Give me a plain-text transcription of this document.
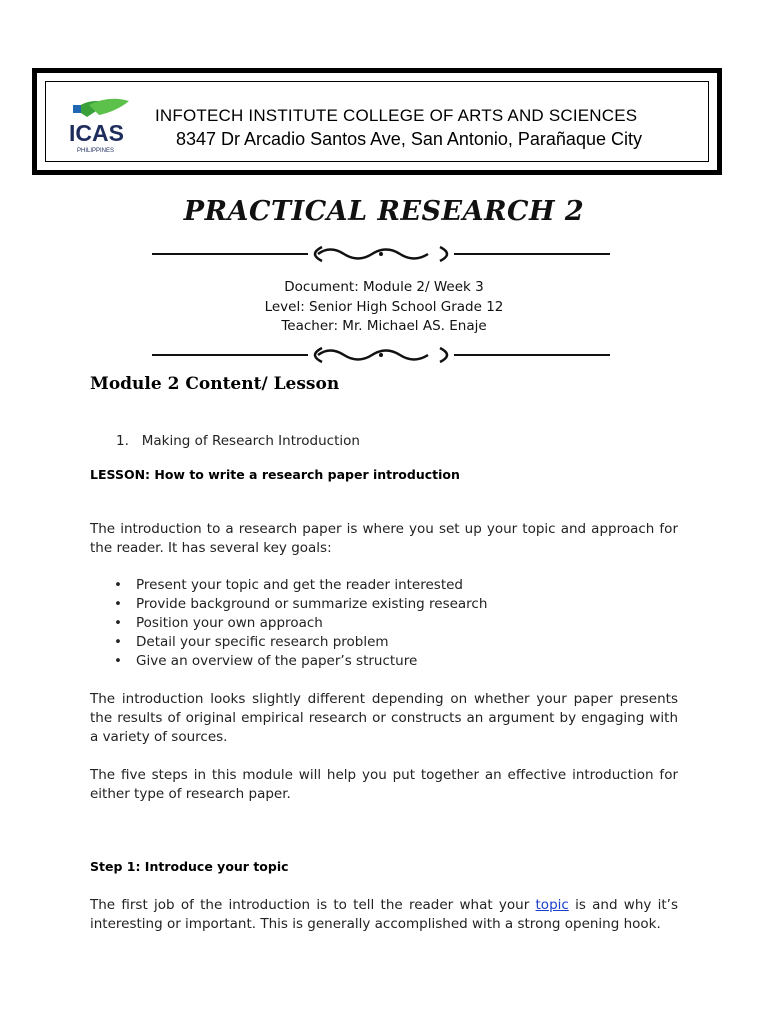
ICAS
PHILIPPINES
INFOTECH INSTITUTE COLLEGE OF ARTS AND SCIENCES
8347 Dr Arcadio Santos Ave, San Antonio, Parañaque City
PRACTICAL RESEARCH 2
Document: Module 2/ Week 3
Level: Senior High School Grade 12
Teacher: Mr. Michael AS. Enaje
Module 2 Content/ Lesson
1.   Making of Research Introduction
LESSON: How to write a research paper introduction
The introduction to a research paper is where you set up your topic and approach for the reader. It has several key goals:
• Present your topic and get the reader interested
• Provide background or summarize existing research
• Position your own approach
• Detail your specific research problem
• Give an overview of the paper’s structure
The introduction looks slightly different depending on whether your paper presents the results of original empirical research or constructs an argument by engaging with a variety of sources.
The five steps in this module will help you put together an effective introduction for either type of research paper.
Step 1: Introduce your topic
The first job of the introduction is to tell the reader what your topic is and why it’s interesting or important. This is generally accomplished with a strong opening hook.
